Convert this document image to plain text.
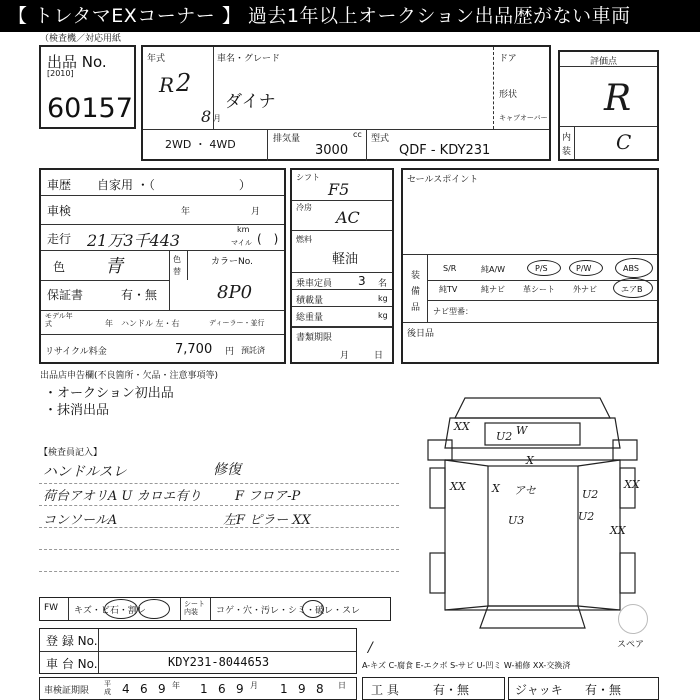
【 トレタマEXコーナー 】 過去1年以上オークション出品歴がない車両
（検査機／対応用紙
出品 No.
[2010]
60157
年式
R 2
8 月
車名・グレード
ダイナ
ドア
形状
キャブオーバー
2WD ・ 4WD	排気量	cc
3000
型式
QDF - KDY231
評価点
R
内
装 C
車歴 自家用 ・（　　　　　　　）
車検	年	月
走行 21万3千443
km
マイル (　)
色 青	色
替
カラーNo.
保証書	有・無	8P0
モデル年式	年 ハンドル 左・右	ディーラー・並行
リサイクル料金	7,700 円 預託済
シフト
F5
冷房
AC
燃料
軽油
乗車定員 3 名
積載量	kg
総重量	kg
書類期限
月	日
セールスポイント
装
備
品
S/R	純A/W	P/S	P/W	ABS
純TV	純ナビ 革シート 外ナビ	エアB
ナビ型番：
後日品
出品店申告欄(不良箇所・欠品・注意事項等)
・オークション初出品
・抹消出品
【検査員記入】
ハンドルスレ	修復
荷台アオリA U カロエ有り	F フロア-P
コンソールA	左F ピラー XX
XX
U2 W
X
XX X	XX
アセ	U2
U3	U2
XX
スペア
FW キズ・ビ石・割レ
シート内装	コゲ・穴・汚レ・シミ・破レ・スレ
登 録 No.
車 台 No.	KDY231-8044653
/
A-キズ C-腐食 E-エクボ S-サビ U-凹ミ W-補修 XX-交換済
車検証期限
平成 4 6 9 年 1 6 9 月 1 9 8 日 工 具	有・無	ジャッキ 有・無
